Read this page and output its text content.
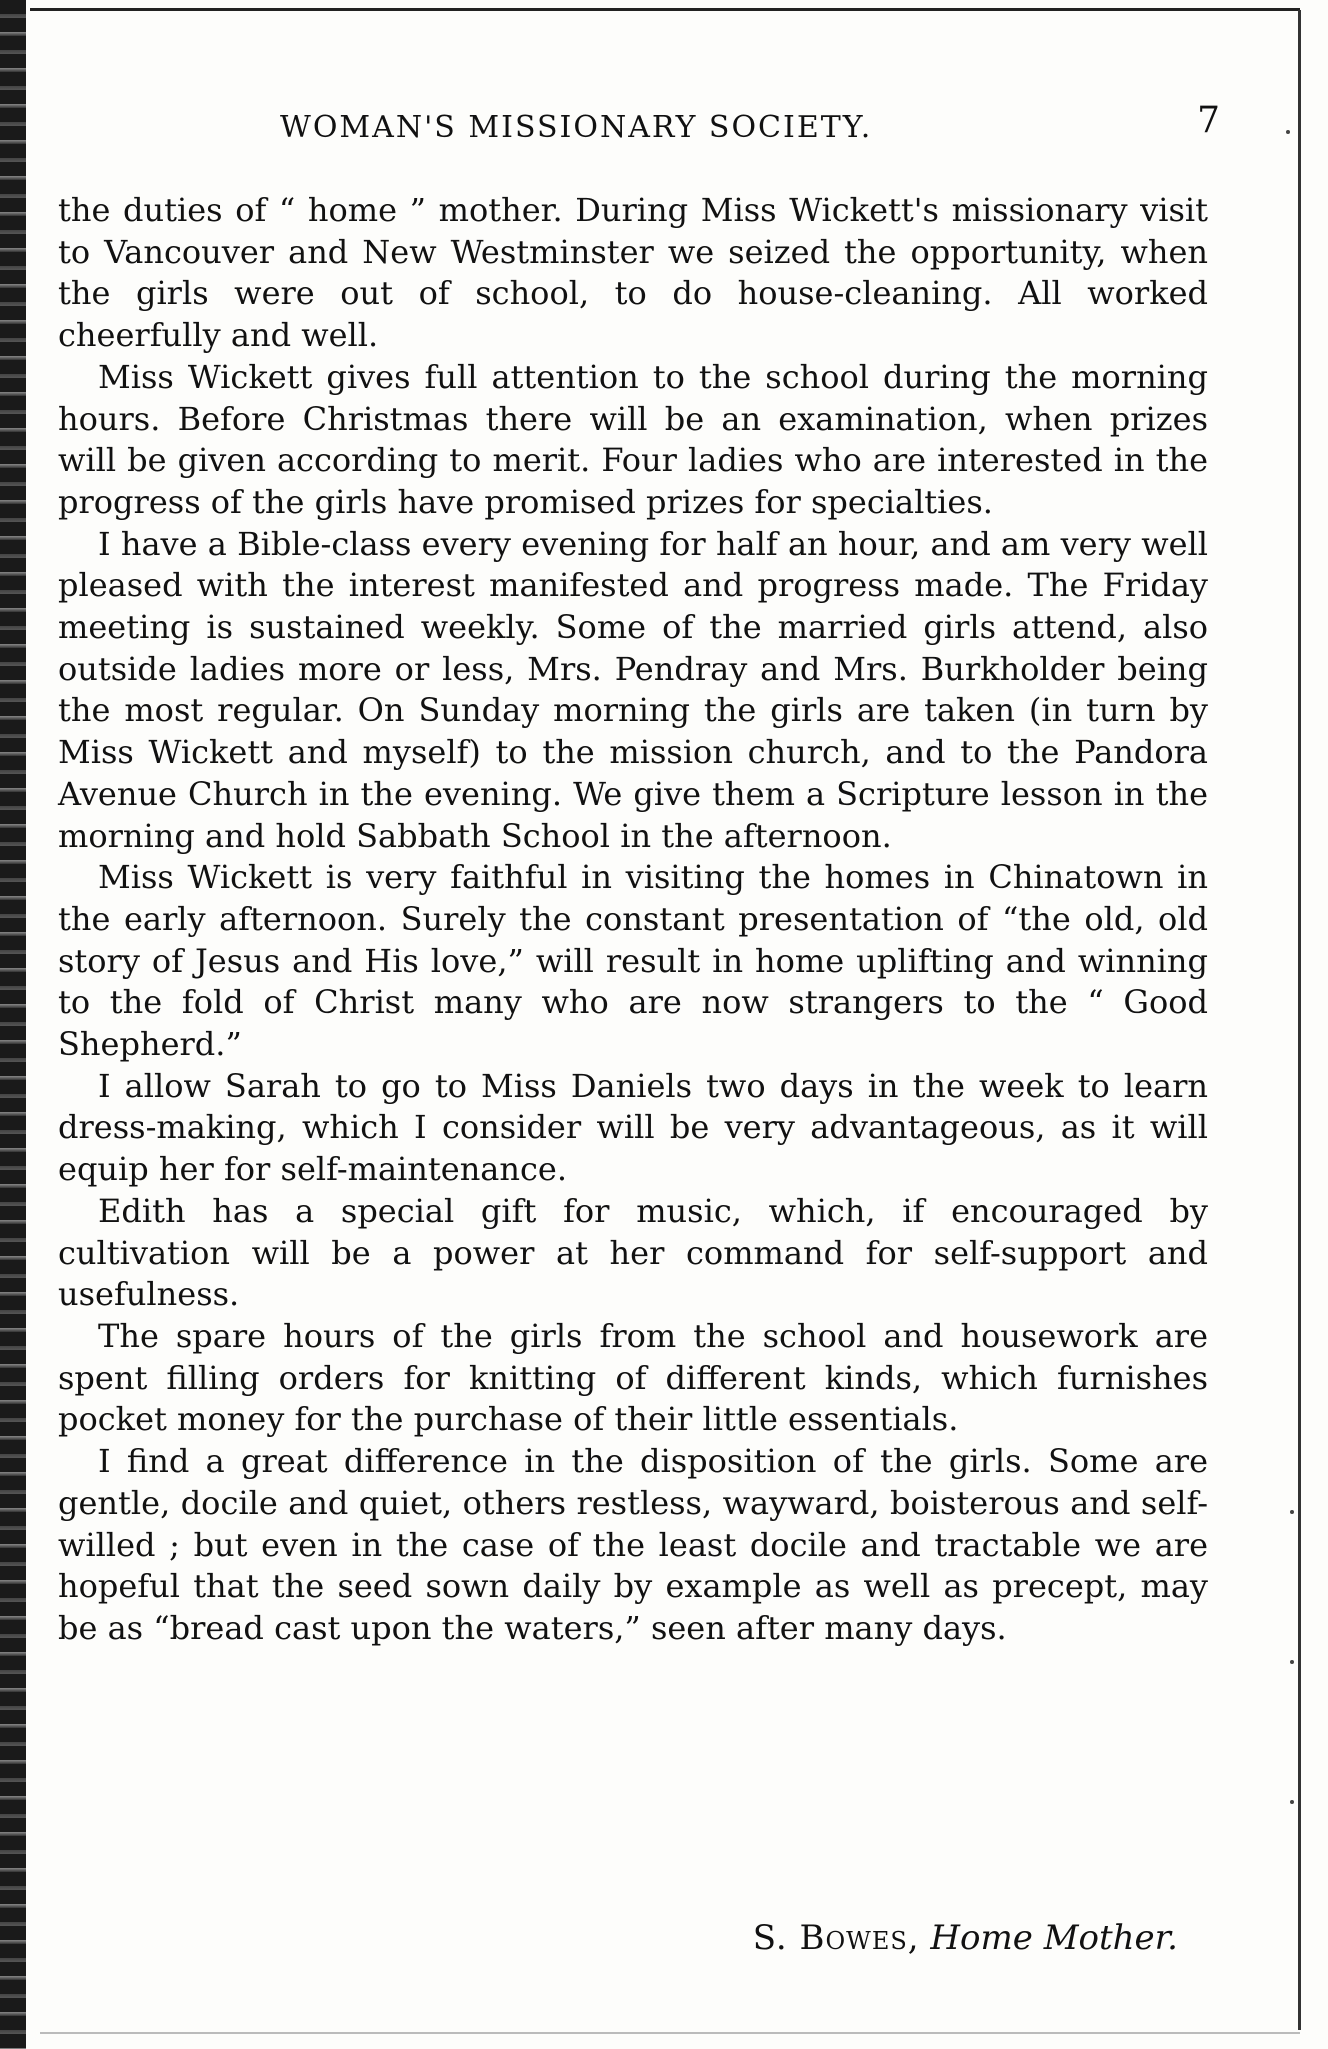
WOMAN'S MISSIONARY SOCIETY.	7

the duties of “ home ” mother. During Miss Wickett's missionary visit to Vancouver and New Westminster we seized the opportunity, when the girls were out of school, to do house-cleaning. All worked cheerfully and well.

Miss Wickett gives full attention to the school during the morning hours. Before Christmas there will be an examination, when prizes will be given according to merit. Four ladies who are interested in the progress of the girls have promised prizes for specialties.

I have a Bible-class every evening for half an hour, and am very well pleased with the interest manifested and progress made. The Friday meeting is sustained weekly. Some of the married girls attend, also outside ladies more or less, Mrs. Pendray and Mrs. Burkholder being the most regular. On Sunday morning the girls are taken (in turn by Miss Wickett and myself) to the mission church, and to the Pandora Avenue Church in the evening. We give them a Scripture lesson in the morning and hold Sabbath School in the afternoon.

Miss Wickett is very faithful in visiting the homes in Chinatown in the early afternoon. Surely the constant presentation of “the old, old story of Jesus and His love,” will result in home uplifting and winning to the fold of Christ many who are now strangers to the “ Good Shepherd.”

I allow Sarah to go to Miss Daniels two days in the week to learn dress-making, which I consider will be very advantageous, as it will equip her for self-maintenance.

Edith has a special gift for music, which, if encouraged by cultivation will be a power at her command for self-support and usefulness.

The spare hours of the girls from the school and housework are spent filling orders for knitting of different kinds, which furnishes pocket money for the purchase of their little essentials.

I find a great difference in the disposition of the girls. Some are gentle, docile and quiet, others restless, wayward, boisterous and self-willed ; but even in the case of the least docile and tractable we are hopeful that the seed sown daily by example as well as precept, may be as “bread cast upon the waters,” seen after many days.

S. Bowes, Home Mother.
